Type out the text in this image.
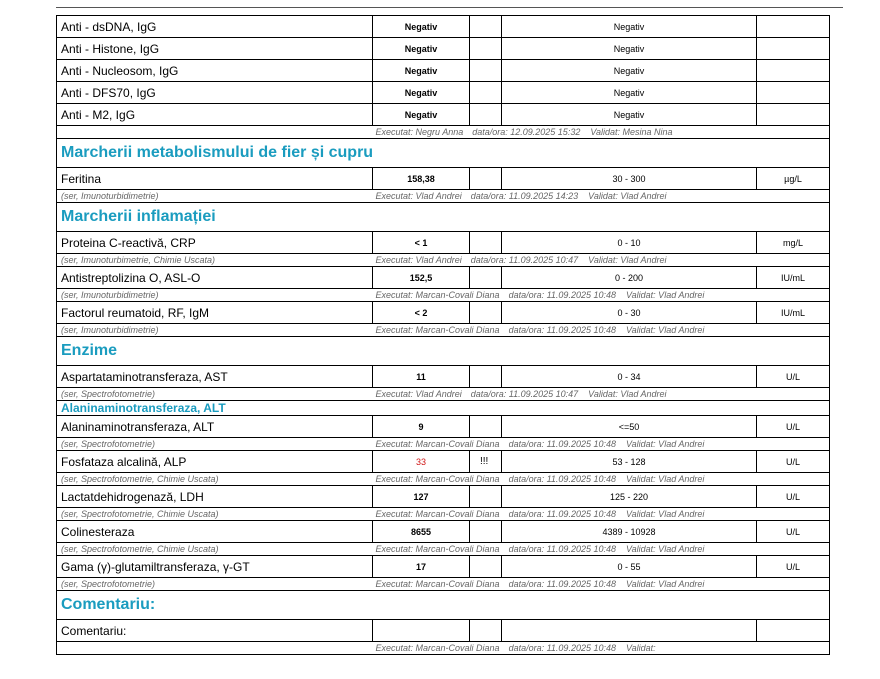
Anti - dsDNA, IgG	Negativ		Negativ	
Anti - Histone, IgG	Negativ		Negativ	
Anti - Nucleosom, IgG	Negativ		Negativ	
Anti - DFS70, IgG	Negativ		Negativ	
Anti - M2, IgG	Negativ		Negativ	
	Executat: Negru Anna data/ora: 12.09.2025 15:32 Validat: Mesina Nina			
Marcherii metabolismului de fier și cupru				
Feritina	158,38		30 - 300	µg/L
(ser, Imunoturbidimetrie)	Executat: Vlad Andrei data/ora: 11.09.2025 14:23 Validat: Vlad Andrei			
Marcherii inflamației				
Proteina C-reactivă, CRP	< 1		0 - 10	mg/L
(ser, Imunoturbimetrie, Chimie Uscata)	Executat: Vlad Andrei data/ora: 11.09.2025 10:47 Validat: Vlad Andrei			
Antistreptolizina O, ASL-O	152,5		0 - 200	IU/mL
(ser, Imunoturbidimetrie)	Executat: Marcan-Covali Diana data/ora: 11.09.2025 10:48 Validat: Vlad Andrei			
Factorul reumatoid, RF, IgM	< 2		0 - 30	IU/mL
(ser, Imunoturbidimetrie)	Executat: Marcan-Covali Diana data/ora: 11.09.2025 10:48 Validat: Vlad Andrei			
Enzime				
Aspartataminotransferaza, AST	11		0 - 34	U/L
(ser, Spectrofotometrie)	Executat: Vlad Andrei data/ora: 11.09.2025 10:47 Validat: Vlad Andrei			
Alaninaminotransferaza, ALT				
Alaninaminotransferaza, ALT	9		<=50	U/L
(ser, Spectrofotometrie)	Executat: Marcan-Covali Diana data/ora: 11.09.2025 10:48 Validat: Vlad Andrei			
Fosfataza alcalină, ALP	33	!!!	53 - 128	U/L
(ser, Spectrofotometrie, Chimie Uscata)	Executat: Marcan-Covali Diana data/ora: 11.09.2025 10:48 Validat: Vlad Andrei			
Lactatdehidrogenază, LDH	127		125 - 220	U/L
(ser, Spectrofotometrie, Chimie Uscata)	Executat: Marcan-Covali Diana data/ora: 11.09.2025 10:48 Validat: Vlad Andrei			
Colinesteraza	8655		4389 - 10928	U/L
(ser, Spectrofotometrie, Chimie Uscata)	Executat: Marcan-Covali Diana data/ora: 11.09.2025 10:48 Validat: Vlad Andrei			
Gama (γ)-glutamiltransferaza, γ-GT	17		0 - 55	U/L
(ser, Spectrofotometrie)	Executat: Marcan-Covali Diana data/ora: 11.09.2025 10:48 Validat: Vlad Andrei			
Comentariu:				
Comentariu:				
	Executat: Marcan-Covali Diana data/ora: 11.09.2025 10:48 Validat:			
